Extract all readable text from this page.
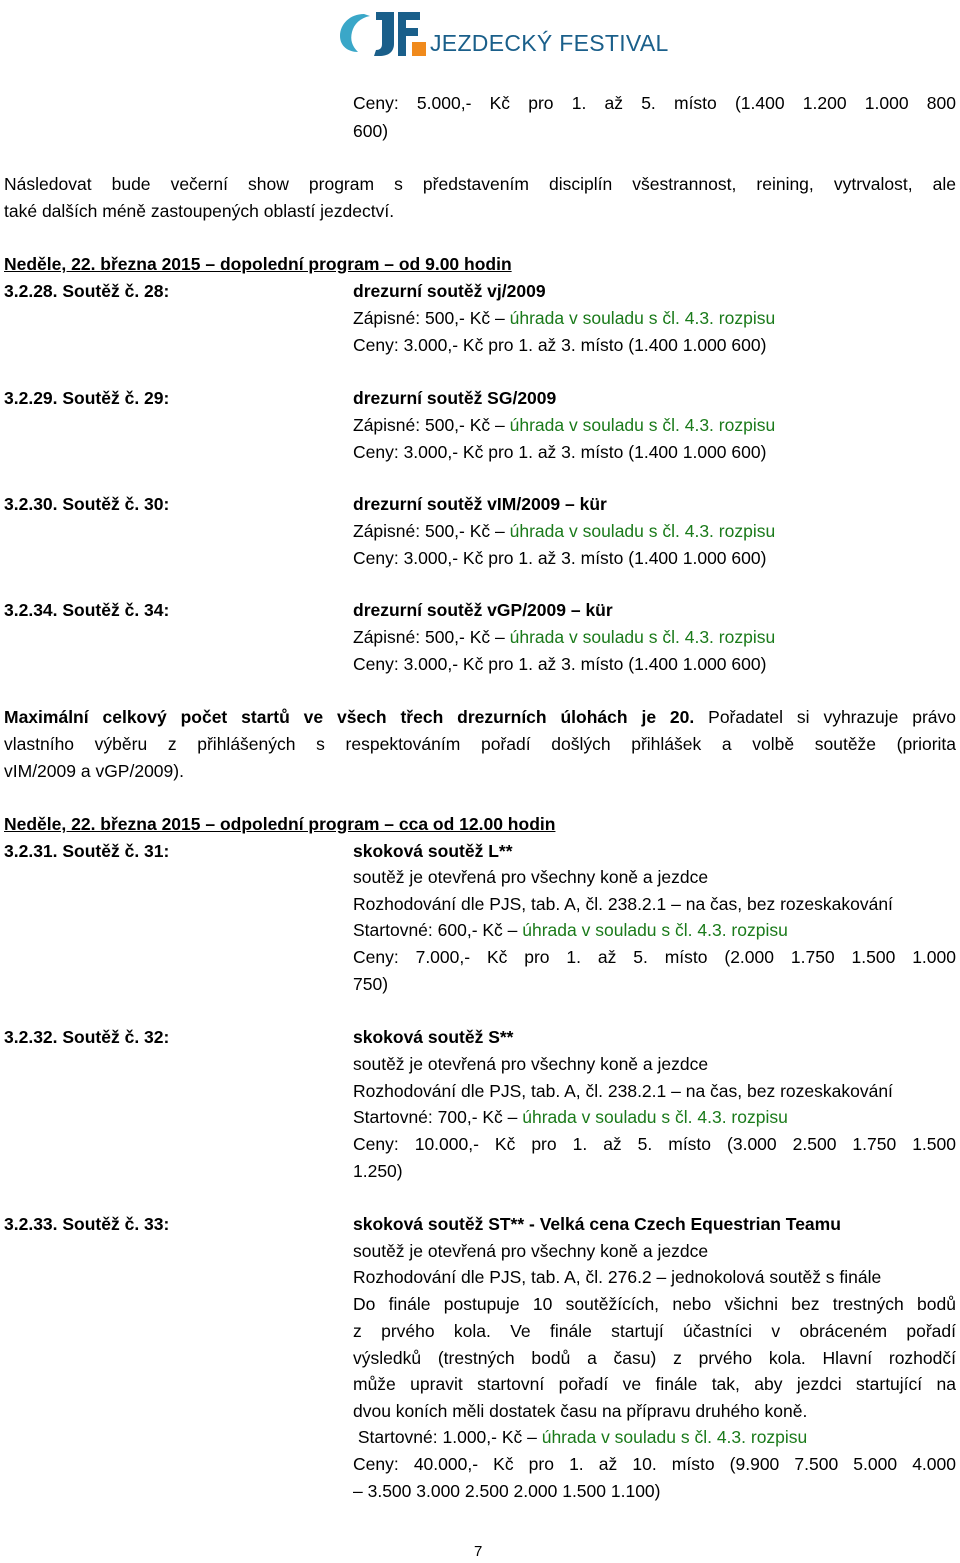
JEZDECKÝ FESTIVAL
Ceny: 5.000,- Kč pro 1. až 5. místo (1.400 1.200 1.000 800
600)
Následovat bude večerní show program s představením disciplín všestrannost, reining, vytrvalost, ale
také dalších méně zastoupených oblastí jezdectví.
Neděle, 22. března 2015 – dopolední program – od 9.00 hodin
3.2.28. Soutěž č. 28:	drezurní soutěž vj/2009
Zápisné: 500,- Kč – úhrada v souladu s čl. 4.3. rozpisu
Ceny: 3.000,- Kč pro 1. až 3. místo (1.400 1.000 600)
3.2.29. Soutěž č. 29:	drezurní soutěž SG/2009
Zápisné: 500,- Kč – úhrada v souladu s čl. 4.3. rozpisu
Ceny: 3.000,- Kč pro 1. až 3. místo (1.400 1.000 600)
3.2.30. Soutěž č. 30:	drezurní soutěž vIM/2009 – kür
Zápisné: 500,- Kč – úhrada v souladu s čl. 4.3. rozpisu
Ceny: 3.000,- Kč pro 1. až 3. místo (1.400 1.000 600)
3.2.34. Soutěž č. 34:	drezurní soutěž vGP/2009 – kür
Zápisné: 500,- Kč – úhrada v souladu s čl. 4.3. rozpisu
Ceny: 3.000,- Kč pro 1. až 3. místo (1.400 1.000 600)
Maximální celkový počet startů ve všech třech drezurních úlohách je 20. Pořadatel si vyhrazuje právo
vlastního výběru z přihlášených s respektováním pořadí došlých přihlášek a volbě soutěže (priorita
vIM/2009 a vGP/2009).
Neděle, 22. března 2015 – odpolední program – cca od 12.00 hodin
3.2.31. Soutěž č. 31:	skoková soutěž L**
soutěž je otevřená pro všechny koně a jezdce
Rozhodování dle PJS, tab. A, čl. 238.2.1 – na čas, bez rozeskakování
Startovné: 600,- Kč – úhrada v souladu s čl. 4.3. rozpisu
Ceny: 7.000,- Kč pro 1. až 5. místo (2.000 1.750 1.500 1.000
750)
3.2.32. Soutěž č. 32:	skoková soutěž S**
soutěž je otevřená pro všechny koně a jezdce
Rozhodování dle PJS, tab. A, čl. 238.2.1 – na čas, bez rozeskakování
Startovné: 700,- Kč – úhrada v souladu s čl. 4.3. rozpisu
Ceny: 10.000,- Kč pro 1. až 5. místo (3.000 2.500 1.750 1.500
1.250)
3.2.33. Soutěž č. 33:	skoková soutěž ST** - Velká cena Czech Equestrian Teamu
soutěž je otevřená pro všechny koně a jezdce
Rozhodování dle PJS, tab. A, čl. 276.2 – jednokolová soutěž s finále
Do finále postupuje 10 soutěžících, nebo všichni bez trestných bodů
z prvého kola. Ve finále startují účastníci v obráceném pořadí
výsledků (trestných bodů a času) z prvého kola. Hlavní rozhodčí
může upravit startovní pořadí ve finále tak, aby jezdci startující na
dvou koních měli dostatek času na přípravu druhého koně.
Startovné: 1.000,- Kč – úhrada v souladu s čl. 4.3. rozpisu
Ceny: 40.000,- Kč pro 1. až 10. místo (9.900 7.500 5.000 4.000
– 3.500 3.000 2.500 2.000 1.500 1.100)
7
